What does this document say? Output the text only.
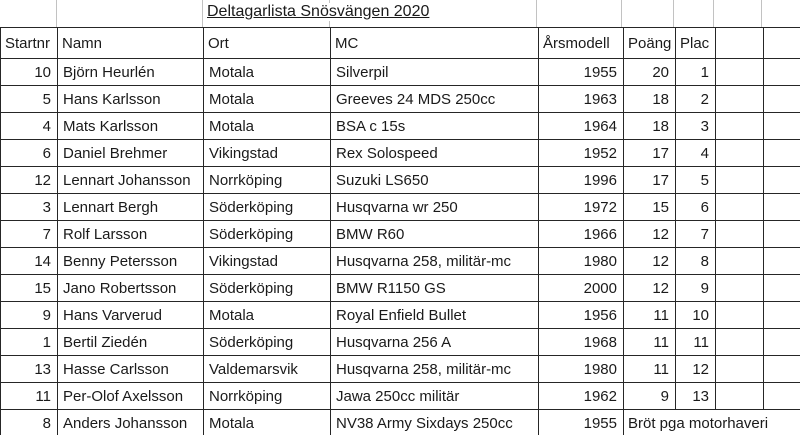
Deltagarlista Snösvängen 2020
Startnr	Namn	Ort	MC	Årsmodell	Poäng	Plac		
10	Björn Heurlén	Motala	Silverpil	1955	20	1		
5	Hans Karlsson	Motala	Greeves 24 MDS 250cc	1963	18	2		
4	Mats Karlsson	Motala	BSA c 15s	1964	18	3		
6	Daniel Brehmer	Vikingstad	Rex Solospeed	1952	17	4		
12	Lennart Johansson	Norrköping	Suzuki LS650	1996	17	5		
3	Lennart Bergh	Söderköping	Husqvarna wr 250	1972	15	6		
7	Rolf Larsson	Söderköping	BMW R60	1966	12	7		
14	Benny Petersson	Vikingstad	Husqvarna 258, militär-mc	1980	12	8		
15	Jano Robertsson	Söderköping	BMW R1150 GS	2000	12	9		
9	Hans Varverud	Motala	Royal Enfield Bullet	1956	11	10		
1	Bertil Ziedén	Söderköping	Husqvarna 256 A	1968	11	11		
13	Hasse Carlsson	Valdemarsvik	Husqvarna 258, militär-mc	1980	11	12		
11	Per-Olof Axelsson	Norrköping	Jawa 250cc militär	1962	9	13		
8	Anders Johansson	Motala	NV38 Army Sixdays 250cc	1955	Bröt pga motorhaveri			
